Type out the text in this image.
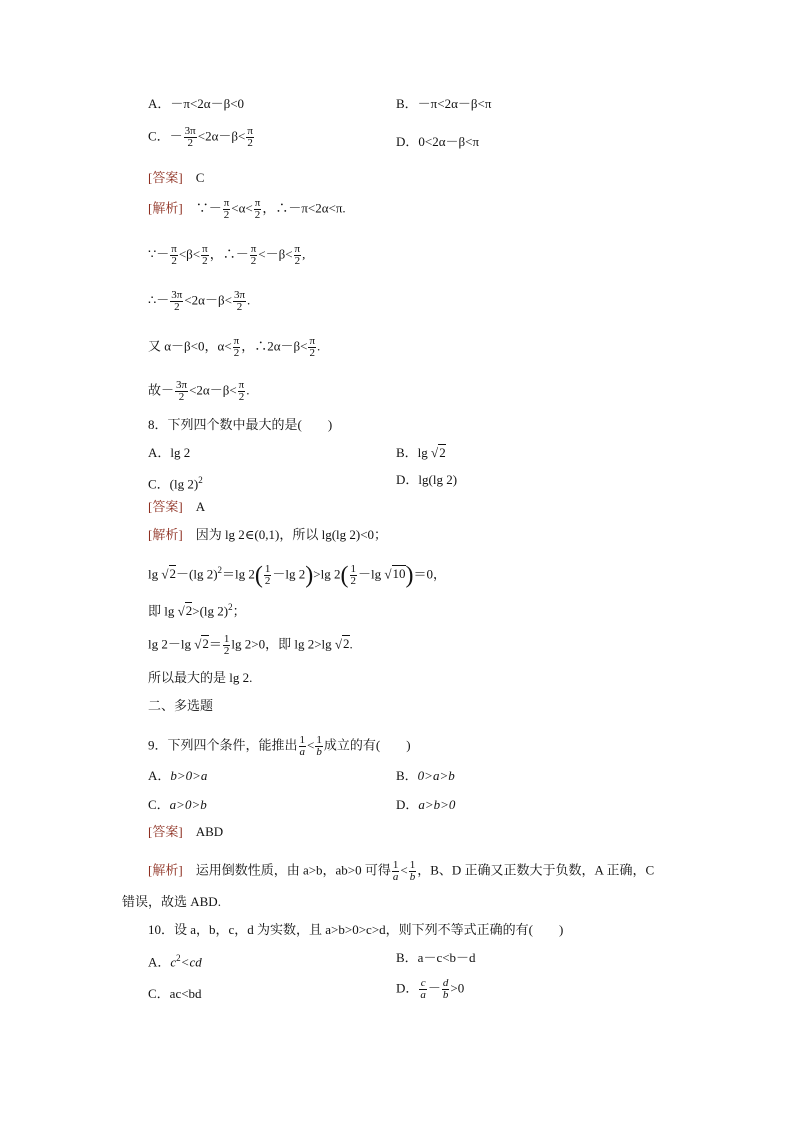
A．－π<2α－β<0	B．－π<2α－β<π
C．－ $\frac{3\pi}{2} <2\alpha-\beta< \frac{\pi}{2}$	D．0<2α－β<π
[答案]　 C
[解析]　 ∵－ $\frac{\pi}{2} <\alpha< \frac{\pi}{2}$ ，∴－π<2α<π.
∵－ $\frac{\pi}{2} <\beta< \frac{\pi}{2}$ ，∴－ $\frac{\pi}{2} <-\beta< \frac{\pi}{2}$ ,
∴－ $\frac{3\pi}{2} <2\alpha-\beta< \frac{3\pi}{2}$ .
又 α－β<0，$\alpha< \frac{\pi}{2}$ ，∴2α－β< $\frac{\pi}{2}$ .
故－ $\frac{3\pi}{2} <2\alpha-\beta< \frac{\pi}{2}$ .
8．下列四个数中最大的是(　　)
A．lg 2	B．lg √2
C．(lg 2)$^2$	D．lg(lg 2)
[答案]　 A
[解析]　 因为 lg 2∈(0,1)，所以 lg(lg 2)<0；
lg √2－(lg 2)$^2$＝lg $2( \frac{1}{2} -\lg$ 2)>lg $2( \frac{1}{2} -\lg$ √10)＝0，
即 lg √2>(lg 2)$^2$；
lg 2－lg $√2= \frac{1}{2}$ lg 2>0，即 lg 2>lg √2.
所以最大的是 lg 2.
二、多选题
9．下列四个条件，能推出 $\frac{1}{a} < \frac{1}{b}$ 成立的有(　　)
A．b>0>a	B．0>a>b
C．a>0>b	D．a>b>0
[答案]　 ABD
[解析]　 运用倒数性质，由 a>b，ab>0 可得 $\frac{1}{a} < \frac{1}{b}$ ，B、D 正确又正数大于负数，A 正确，C
错误，故选 ABD.
10．设 a，b，c，d 为实数，且 a>b>0>c>d，则下列不等式正确的有(　　)
A．$c^2<cd$	B．a－c<b－d
C．ac<bd	D． $\frac{c}{a} - \frac{d}{b} >0$
